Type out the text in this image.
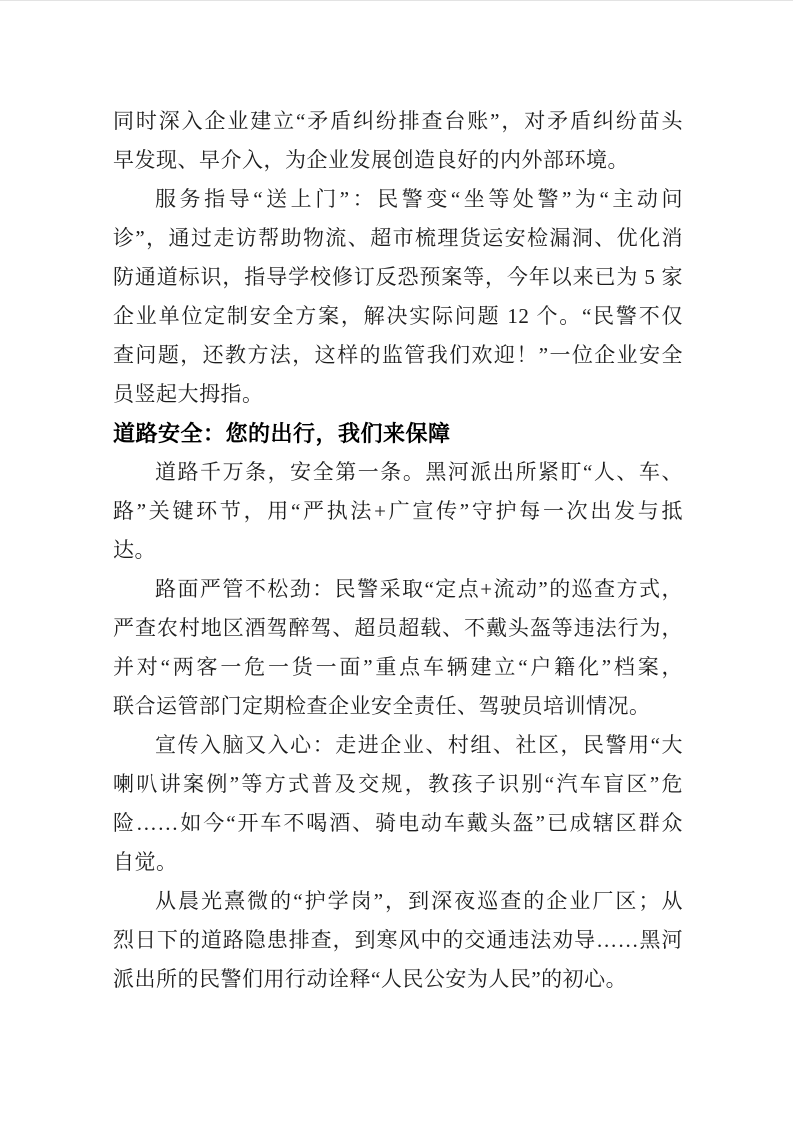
同时深入企业建立“矛盾纠纷排查台账”，对矛盾纠纷苗头
早发现、早介入，为企业发展创造良好的内外部环境。
服务指导“送上门”：民警变“坐等处警”为“主动问
诊”，通过走访帮助物流、超市梳理货运安检漏洞、优化消
防通道标识，指导学校修订反恐预案等，今年以来已为 5 家
企业单位定制安全方案，解决实际问题 12 个。“民警不仅
查问题，还教方法，这样的监管我们欢迎！”一位企业安全
员竖起大拇指。
道路安全：您的出行，我们来保障
道路千万条，安全第一条。黑河派出所紧盯“人、车、
路”关键环节，用“严执法+广宣传”守护每一次出发与抵
达。
路面严管不松劲：民警采取“定点+流动”的巡查方式，
严查农村地区酒驾醉驾、超员超载、不戴头盔等违法行为，
并对“两客一危一货一面”重点车辆建立“户籍化”档案，
联合运管部门定期检查企业安全责任、驾驶员培训情况。
宣传入脑又入心：走进企业、村组、社区，民警用“大
喇叭讲案例”等方式普及交规，教孩子识别“汽车盲区”危
险……如今“开车不喝酒、骑电动车戴头盔”已成辖区群众
自觉。
从晨光熹微的“护学岗”，到深夜巡查的企业厂区；从
烈日下的道路隐患排查，到寒风中的交通违法劝导……黑河
派出所的民警们用行动诠释“人民公安为人民”的初心。
